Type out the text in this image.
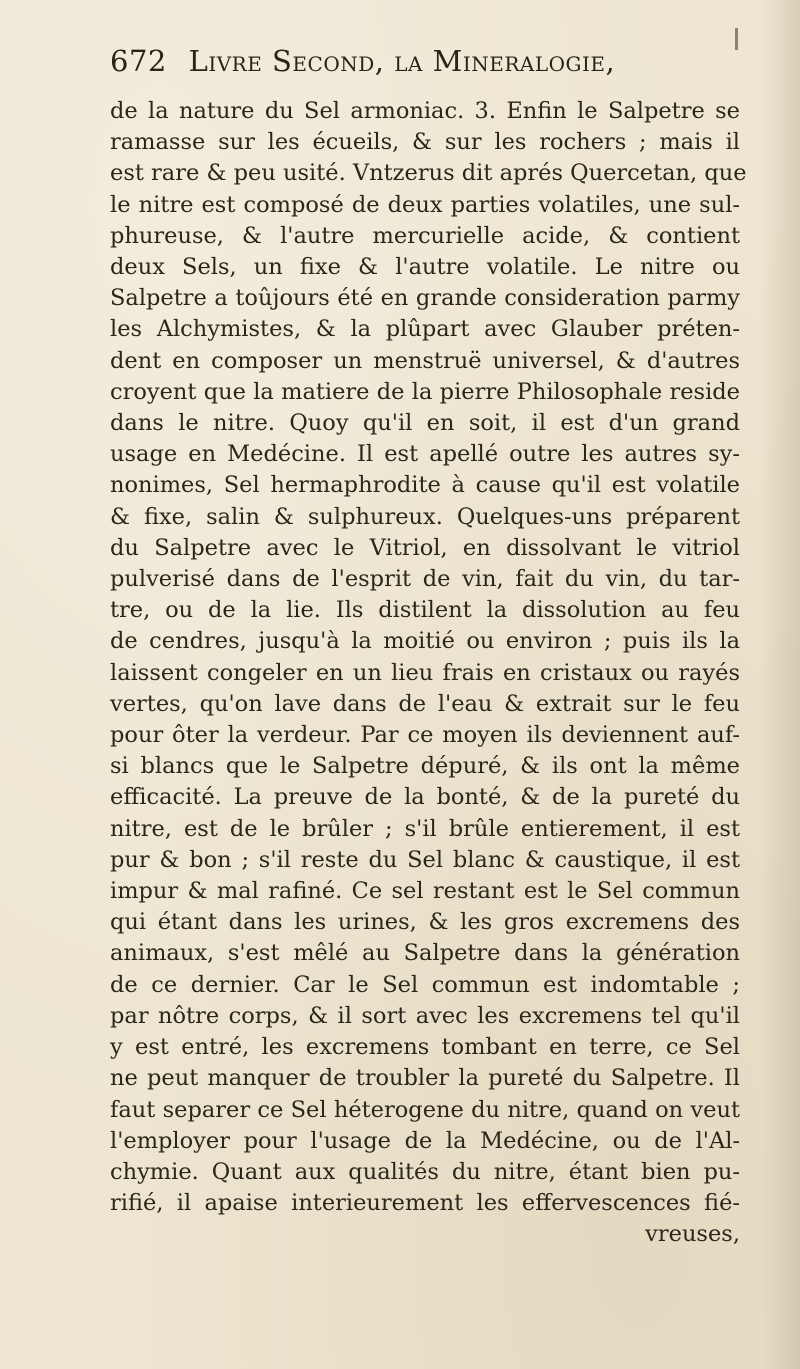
672 Livre Second, la Mineralogie,
de la nature du Sel armoniac. 3. Enfin le Salpetre se
ramasse sur les écueils, & sur les rochers ; mais il
est rare & peu usité. Vntzerus dit aprés Quercetan, que
le nitre est composé de deux parties volatiles, une sul-
phureuse, & l'autre mercurielle acide, & contient
deux Sels, un fixe & l'autre volatile. Le nitre ou
Salpetre a toûjours été en grande consideration parmy
les Alchymistes, & la plûpart avec Glauber préten-
dent en composer un menstruë universel, & d'autres
croyent que la matiere de la pierre Philosophale reside
dans le nitre. Quoy qu'il en soit, il est d'un grand
usage en Medécine. Il est apellé outre les autres sy-
nonimes, Sel hermaphrodite à cause qu'il est volatile
& fixe, salin & sulphureux. Quelques-uns préparent
du Salpetre avec le Vitriol, en dissolvant le vitriol
pulverisé dans de l'esprit de vin, fait du vin, du tar-
tre, ou de la lie. Ils distilent la dissolution au feu
de cendres, jusqu'à la moitié ou environ ; puis ils la
laissent congeler en un lieu frais en cristaux ou rayés
vertes, qu'on lave dans de l'eau & extrait sur le feu
pour ôter la verdeur. Par ce moyen ils deviennent auf-
si blancs que le Salpetre dépuré, & ils ont la même
efficacité. La preuve de la bonté, & de la pureté du
nitre, est de le brûler ; s'il brûle entierement, il est
pur & bon ; s'il reste du Sel blanc & caustique, il est
impur & mal rafiné. Ce sel restant est le Sel commun
qui étant dans les urines, & les gros excremens des
animaux, s'est mêlé au Salpetre dans la génération
de ce dernier. Car le Sel commun est indomtable ;
par nôtre corps, & il sort avec les excremens tel qu'il
y est entré, les excremens tombant en terre, ce Sel
ne peut manquer de troubler la pureté du Salpetre. Il
faut separer ce Sel héterogene du nitre, quand on veut
l'employer pour l'usage de la Medécine, ou de l'Al-
chymie. Quant aux qualités du nitre, étant bien pu-
rifié, il apaise interieurement les effervescences fié-
vreuses,
